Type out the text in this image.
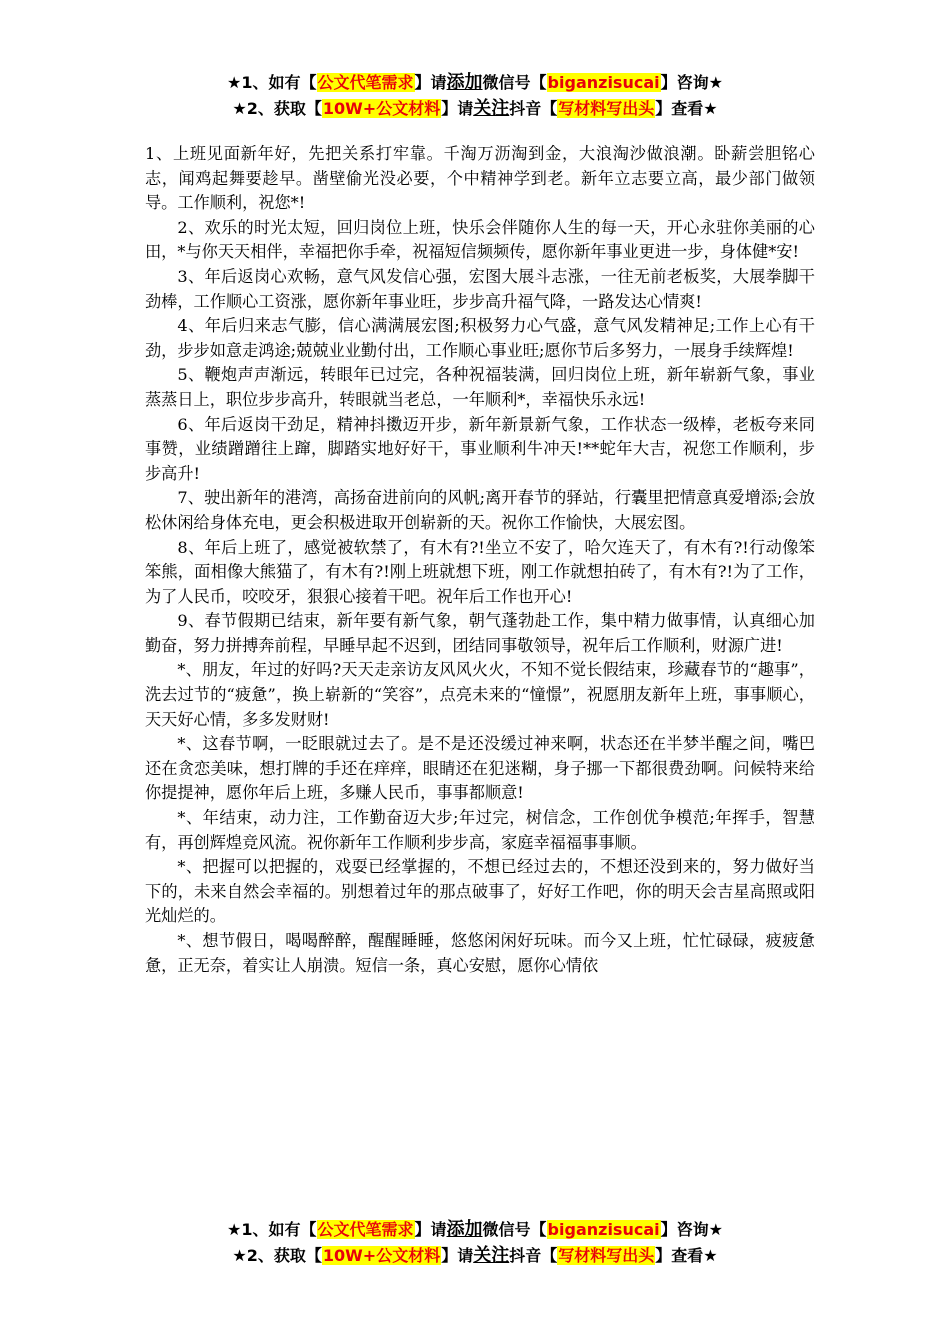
★1、如有【公文代笔需求】请添加微信号【biganzisucai】咨询★
★2、获取【10W+公文材料】请关注抖音【写材料写出头】查看★

1、上班见面新年好，先把关系打牢靠。千淘万沥淘到金，大浪淘沙做浪潮。卧薪尝胆铭心志，闻鸡起舞要趁早。凿壁偷光没必要，个中精神学到老。新年立志要立高，最少部门做领导。工作顺利，祝您*!

2、欢乐的时光太短，回归岗位上班，快乐会伴随你人生的每一天，开心永驻你美丽的心田，*与你天天相伴，幸福把你手牵，祝福短信频频传，愿你新年事业更进一步，身体健*安!

3、年后返岗心欢畅，意气风发信心强，宏图大展斗志涨，一往无前老板奖，大展拳脚干劲棒，工作顺心工资涨，愿你新年事业旺，步步高升福气降，一路发达心情爽!

4、年后归来志气膨，信心满满展宏图;积极努力心气盛，意气风发精神足;工作上心有干劲，步步如意走鸿途;兢兢业业勤付出，工作顺心事业旺;愿你节后多努力，一展身手续辉煌!

5、鞭炮声声渐远，转眼年已过完，各种祝福装满，回归岗位上班，新年崭新气象，事业蒸蒸日上，职位步步高升，转眼就当老总，一年顺利*，幸福快乐永远!

6、年后返岗干劲足，精神抖擞迈开步，新年新景新气象，工作状态一级棒，老板夸来同事赞，业绩蹭蹭往上蹿，脚踏实地好好干，事业顺利牛冲天!**蛇年大吉，祝您工作顺利，步步高升!

7、驶出新年的港湾，高扬奋进前向的风帆;离开春节的驿站，行囊里把情意真爱增添;会放松休闲给身体充电，更会积极进取开创崭新的天。祝你工作愉快，大展宏图。

8、年后上班了，感觉被软禁了，有木有?!坐立不安了，哈欠连天了，有木有?!行动像笨笨熊，面相像大熊猫了，有木有?!刚上班就想下班，刚工作就想拍砖了，有木有?!为了工作，为了人民币，咬咬牙，狠狠心接着干吧。祝年后工作也开心!

9、春节假期已结束，新年要有新气象，朝气蓬勃赴工作，集中精力做事情，认真细心加勤奋，努力拼搏奔前程，早睡早起不迟到，团结同事敬领导，祝年后工作顺利，财源广进!

*、朋友，年过的好吗?天天走亲访友风风火火，不知不觉长假结束，珍藏春节的“趣事”，洗去过节的“疲惫”，换上崭新的“笑容”，点亮未来的“憧憬”，祝愿朋友新年上班，事事顺心，天天好心情，多多发财财!

*、这春节啊，一眨眼就过去了。是不是还没缓过神来啊，状态还在半梦半醒之间，嘴巴还在贪恋美味，想打牌的手还在痒痒，眼睛还在犯迷糊，身子挪一下都很费劲啊。问候特来给你提提神，愿你年后上班，多赚人民币，事事都顺意!

*、年结束，动力注，工作勤奋迈大步;年过完，树信念，工作创优争模范;年挥手，智慧有，再创辉煌竞风流。祝你新年工作顺利步步高，家庭幸福福事事顺。

*、把握可以把握的，戏耍已经掌握的，不想已经过去的，不想还没到来的，努力做好当下的，未来自然会幸福的。别想着过年的那点破事了，好好工作吧，你的明天会吉星高照或阳光灿烂的。

*、想节假日，喝喝醉醉，醒醒睡睡，悠悠闲闲好玩味。而今又上班，忙忙碌碌，疲疲惫惫，正无奈，着实让人崩溃。短信一条，真心安慰，愿你心情依

★1、如有【公文代笔需求】请添加微信号【biganzisucai】咨询★
★2、获取【10W+公文材料】请关注抖音【写材料写出头】查看★
